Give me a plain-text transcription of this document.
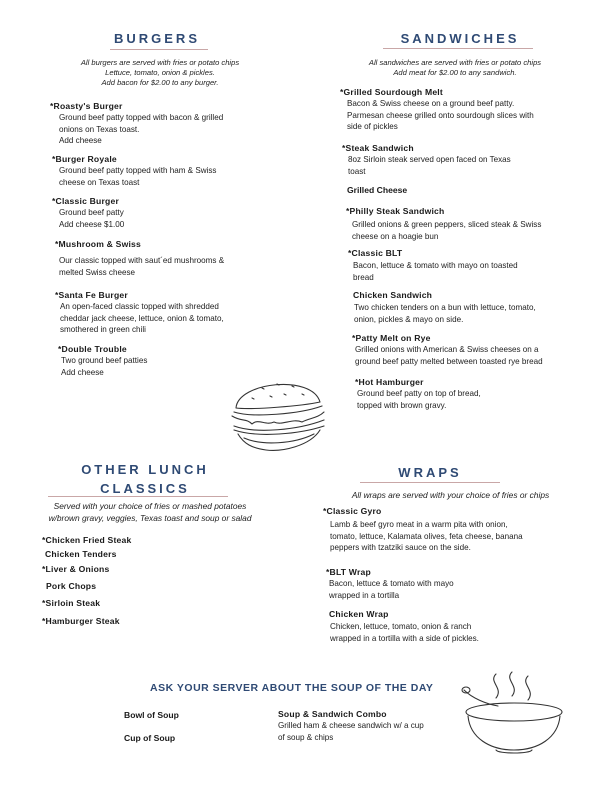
BURGERS
All burgers are served with fries or potato chips
Lettuce, tomato, onion & pickles.
Add bacon for $2.00 to any burger.
*Roasty's Burger
Ground beef patty topped with bacon & grilled
onions on Texas toast.
Add cheese
*Burger Royale
Ground beef patty topped with ham & Swiss
cheese on Texas toast
*Classic Burger
Ground beef patty
Add cheese $1.00
*Mushroom & Swiss
Our classic topped with saut´ed mushrooms &
melted Swiss cheese
*Santa Fe Burger
An open-faced classic topped with shredded
cheddar jack cheese, lettuce, onion & tomato,
smothered in green chili
*Double Trouble
Two ground beef patties
Add cheese
SANDWICHES
All sandwiches are served with fries or potato chips
Add meat for $2.00 to any sandwich.
*Grilled Sourdough Melt
Bacon & Swiss cheese on a ground beef patty.
Parmesan cheese grilled onto sourdough slices with
side of pickles
*Steak Sandwich
8oz Sirloin steak served open faced on Texas
toast
Grilled Cheese
*Philly Steak Sandwich
Grilled onions & green peppers, sliced steak & Swiss
cheese on a hoagie bun
*Classic BLT
Bacon, lettuce & tomato with mayo on toasted
bread
Chicken Sandwich
Two chicken tenders on a bun with lettuce, tomato,
onion, pickles & mayo on side.
*Patty Melt on Rye
Grilled onions with American & Swiss cheeses on a
ground beef patty melted between toasted rye bread
*Hot Hamburger
Ground beef patty on top of bread,
topped with brown gravy.
OTHER LUNCH
CLASSICS
Served with your choice of fries or mashed potatoes
w/brown gravy, veggies, Texas toast and soup or salad
*Chicken Fried Steak
Chicken Tenders
*Liver & Onions
Pork Chops
*Sirloin Steak
*Hamburger Steak
WRAPS
All wraps are served with your choice of fries or chips
*Classic Gyro
Lamb & beef gyro meat in a warm pita with onion,
tomato, lettuce, Kalamata olives, feta cheese, banana
peppers with tzatziki sauce on the side.
*BLT Wrap
Bacon, lettuce & tomato with mayo
wrapped in a tortilla
Chicken Wrap
Chicken, lettuce, tomato, onion & ranch
wrapped in a tortilla with a side of pickles.
ASK YOUR SERVER ABOUT THE SOUP OF THE DAY
Bowl of Soup
Cup of Soup
Soup & Sandwich Combo
Grilled ham & cheese sandwich w/ a cup
of soup & chips
